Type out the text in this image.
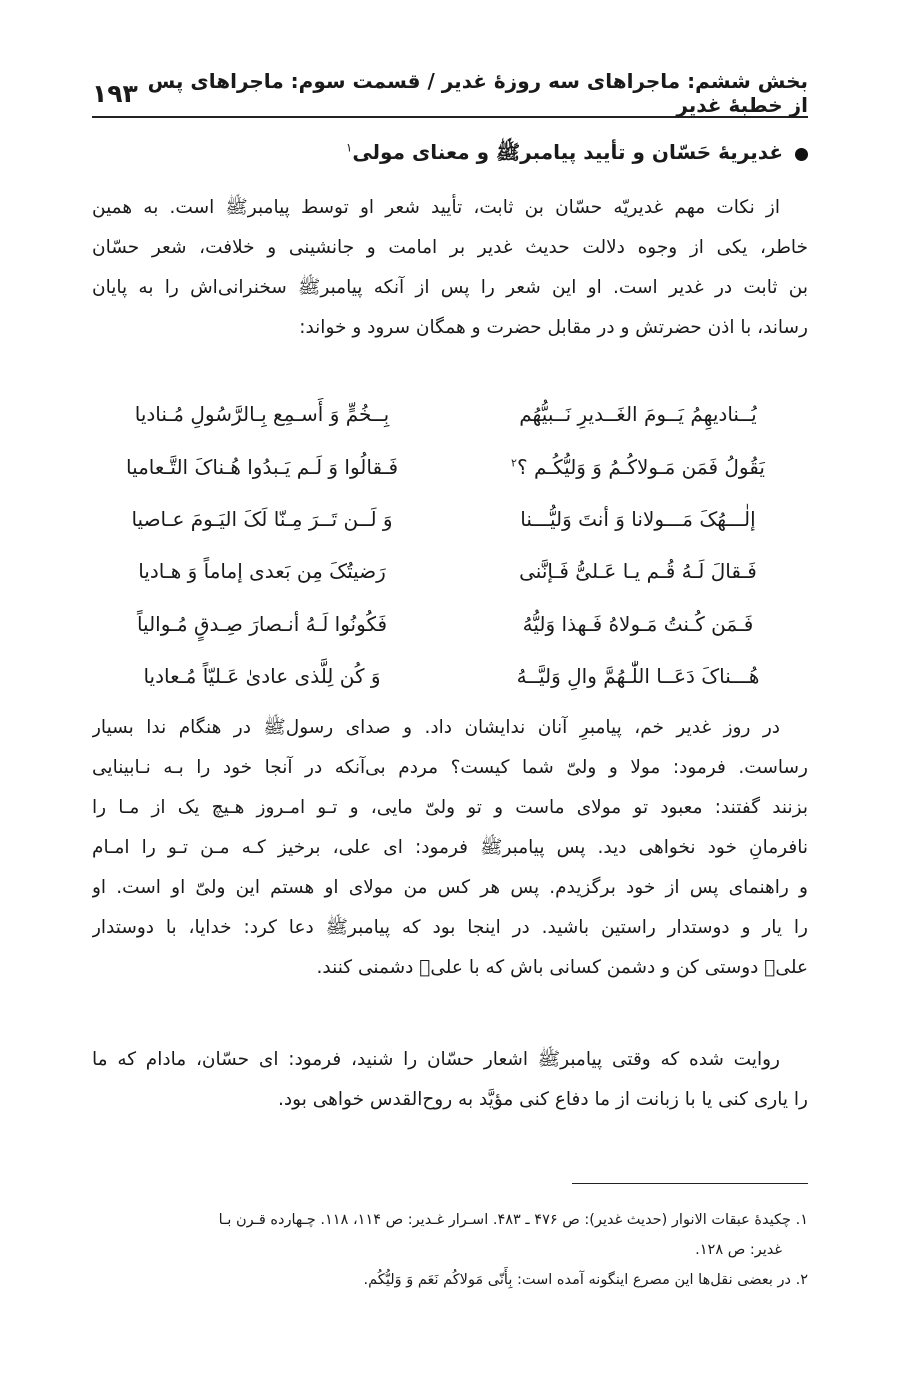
بخش ششم: ماجراهای سه روزهٔ غدیر / قسمت سوم: ماجراهای پس از خطبهٔ غدیر
۱۹۳
غدیریهٔ حَسّان و تأیید پیامبرﷺ و معنای مولی$^۱$
از نکات مهم غدیریّه حسّان بن ثابت، تأیید شعر او توسط پیامبرﷺ است. به همین
خاطر، یکی از وجوه دلالت حدیث غدیر بر امامت و جانشینی و خلافت، شعر حسّان
بن ثابت در غدیر است. او این شعر را پس از آنکه پیامبرﷺ سخنرانی‌اش را به پایان
رساند، با اذن حضرتش و در مقابل حضرت و همگان سرود و خواند:
یُــنادیهِمُ یَــومَ الغَــدیرِ نَــبیُّهُم
بِــخُمٍّ وَ أَسـمِع بِـالرَّسُولِ مُـنادیا
یَقُولُ فَمَن مَـولاکُـمُ وَ وَلیُّکُـم ؟$^۲$
فَـقالُوا وَ لَـم یَـبدُوا هُـناکَ التَّـعامیا
إلٰـــهُکَ مَـــولانا وَ أنتَ وَلیُّـــنا
وَ لَــن تَــرَ مِـنّا لَکَ الیَـومَ عـاصیا
فَـقالَ لَـهُ قُـم یـا عَـلیُّ فَـإنَّنی
رَضیتُکَ مِن بَعدی إماماً وَ هـادیا
فَـمَن کُـنتُ مَـولاهُ فَـهذا وَلیُّهُ
فَکُونُوا لَـهُ أنـصارَ صِـدقٍ مُـوالیاً
هُـــناکَ دَعَــا اللّٰـهُمَّ والِ وَلیَّــهُ
وَ کُن لِلَّذی عادیٰ عَـلیّاً مُـعادیا
در روز غدیر خم، پیامبرِ آنان ندایشان داد. و صدای رسولﷺ در هنگام ندا بسیار
رساست. فرمود: مولا و ولیّ شما کیست؟ مردم بی‌آنکه در آنجا خود را بـه نـابینایی
بزنند گفتند: معبود تو مولای ماست و تو ولیّ مایی، و تـو امـروز هـیچ یک از مـا را
نافرمانِ خود نخواهی دید. پس پیامبرﷺ فرمود: ای علی، برخیز کـه مـن تـو را امـام
و راهنمای پس از خود برگزیدم. پس هر کس من مولای او هستم این ولیّ او است. او
را یار و دوستدار راستین باشید. در اینجا بود که پیامبرﷺ دعا کرد: خدایا، با دوستدار
علیؑ دوستی کن و دشمن کسانی باش که با علیؑ دشمنی کنند.
روایت شده که وقتی پیامبرﷺ اشعار حسّان را شنید، فرمود: ای حسّان، مادام که ما
را یاری کنی یا با زبانت از ما دفاع کنی مؤیَّد به روح‌القدس خواهی بود.
۱. چکیدهٔ عبقات الانوار (حدیث غدیر): ص ۴۷۶ ـ ۴۸۳. اسـرار غـدیر: ص ۱۱۴، ۱۱۸. چـهارده قـرن بـا
غدیر: ص ۱۲۸.
۲. در بعضی نقل‌ها این مصرع اینگونه آمده است: بِأَنّی مَولاکُم نَعَم وَ وَلیُّکُم.
